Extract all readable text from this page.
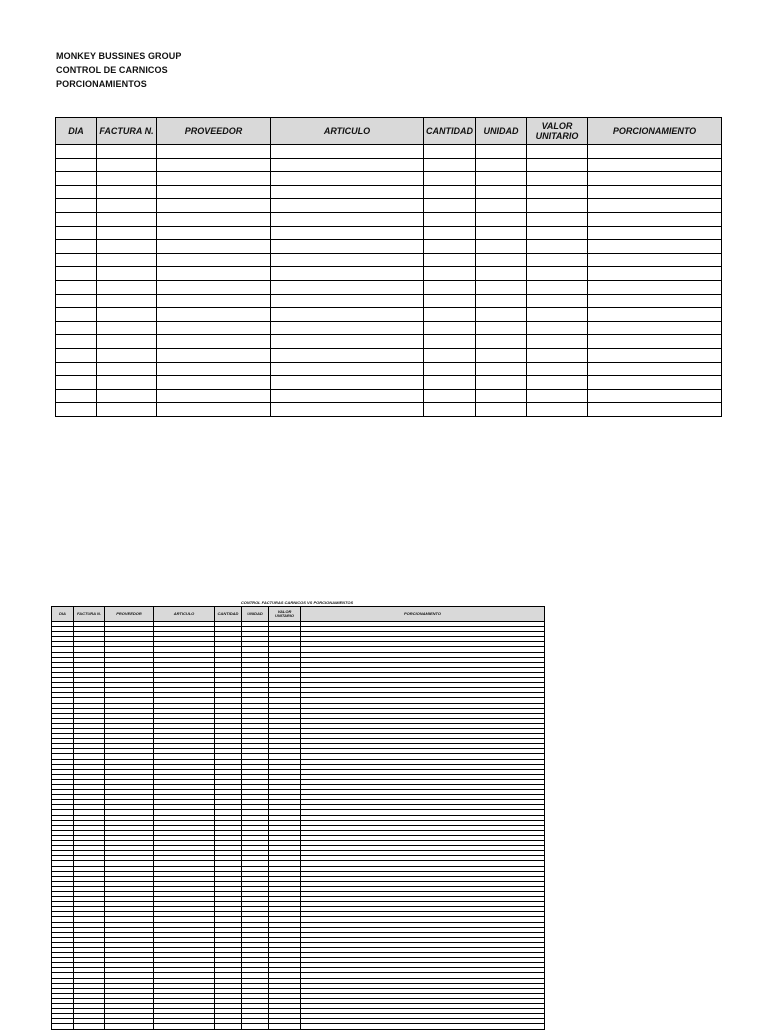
MONKEY BUSSINES GROUP
CONTROL DE CARNICOS
PORCIONAMIENTOS
DIA	FACTURA N.	PROVEEDOR	ARTICULO	CANTIDAD	UNIDAD	VALOR UNITARIO	PORCIONAMIENTO

CONTROL FACTURAS CARNICOS VS PORCIONAMIENTOS
DIA	FACTURA N.	PROVEEDOR	ARTICULO	CANTIDAD	UNIDAD	VALOR UNITARIO	PORCIONAMIENTO
